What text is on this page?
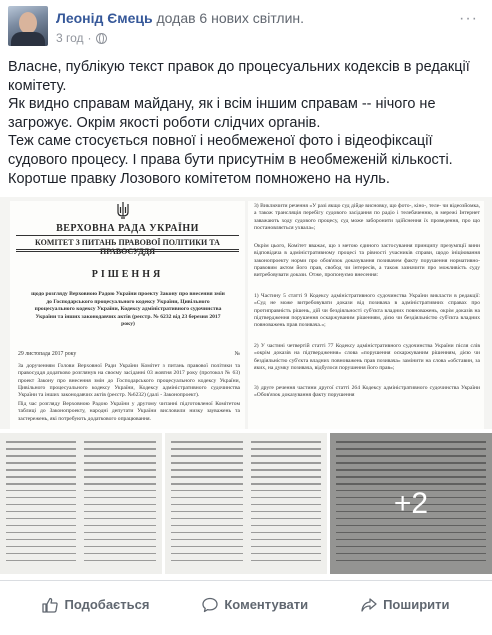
Леонід Ємець додав 6 нових світлин.
3 год ·
···

Власне, публікую текст правок до процесуальних кодексів в редакції комітету.

Як видно справам майдану, як і всім іншим справам -- нічого не загрожує. Окрім якості роботи слідчих органів.

Теж саме стосується повної і необмеженої фото і відеофіксації судового процесу. І права бути присутнім в необмеженій кількості.

Коротше правку Лозового комітетом помножено на нуль.

ВЕРХОВНА РАДА УКРАЇНИ
КОМІТЕТ З ПИТАНЬ ПРАВОВОЇ ПОЛІТИКИ ТА
РІШЕННЯ
щодо розгляду Верховною Радою України проекту Закону про внесення змін до Господарського процесуального кодексу України, Цивільного процесуального кодексу України, Кодексу адміністративного судочинства України та інших законодавчих актів (реєстр. № 6232 від 23 березня 2017 року)
29 листопада 2017 року	№
За дорученням Голови Верховної Ради України Комітет з питань правової політики та правосуддя додатково розглянув на своєму засіданні 03 жовтня 2017 року (протокол № 63) проект Закону про внесення змін до Господарського процесуального кодексу України, Цивільного процесуального кодексу України, Кодексу адміністративного судочинства України та інших законодавчих актів (реєстр. №6232) (далі - Законопроект).
Під час розгляду Верховною Радою України у другому читанні підготовленої Комітетом таблиці до Законопроекту, народні депутати України висловили низку зауважень та застережень, які потребують додаткового опрацювання.
3) Виключити речення «У разі якщо суд дійде висновку, що фото-, кіно-, теле- чи відеозйомка, а також трансляція перебігу судового засідання по радіо і телебаченню, в мережі Інтернет заважають ходу судового процесу, суд може заборонити здійснення їх проведення, про що постановляється ухвала»;
Окрім цього, Комітет вважає, що з метою єдиного застосування принципу презумпції вини відповідача в адміністративному процесі та рівності учасників справи, щодо ініціювання законопроекту норми про обов'язок доказування позивачем факту порушення нормативно-правовим актом його прав, свобод чи інтересів, а також зазначити про можливість суду витребовувати докази. Отже, пропонуємо внесення:
1) Частину 5 статті 9 Кодексу адміністративного судочинства України викласти в редакції: «Суд не може витребовувати докази від позивача в адміністративних справах про протиправність рішень, дій чи бездіяльності суб'єкта владних повноважень, окрім доказів на підтвердження порушення оскаржуваним рішенням, дією чи бездіяльністю суб'єкта владних повноважень прав позивача.»;
2) У частині четвертій статті 77 Кодексу адміністративного судочинства України після слів «окрім доказів на підтвердження» слова «порушення оскаржуваним рішенням, дією чи бездіяльністю суб'єкта владних повноважень прав позивача» замінити на слова «обставин, за яких, на думку позивача, відбулося порушення його прав»;
3) друге речення частини другої статті 264 Кодексу адміністративного судочинства України «Обов'язок доказування факту порушення
+2
Подобається	Коментувати	Поширити
